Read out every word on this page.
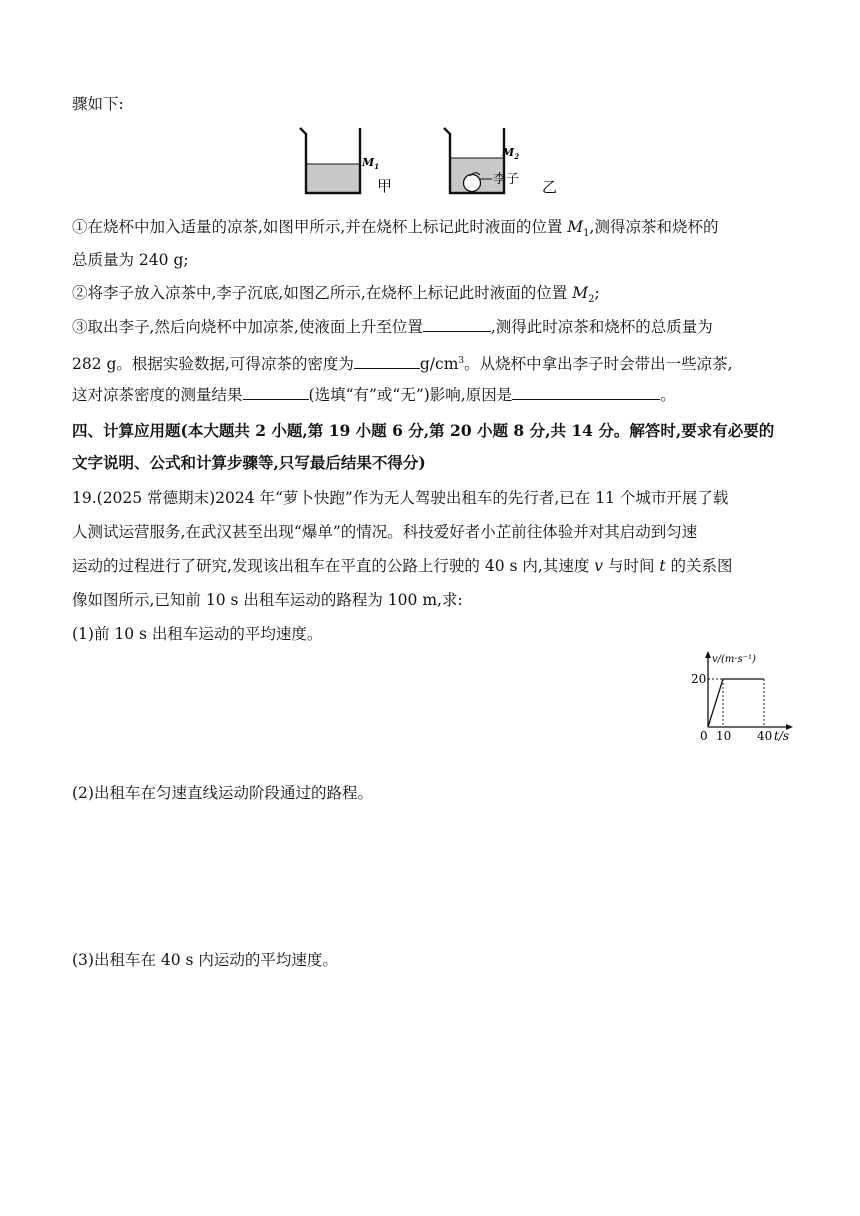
骤如下:
$M_1$
甲
$M_2$
李子 乙
①在烧杯中加入适量的凉茶,如图甲所示,并在烧杯上标记此时液面的位置 $M_1$,测得凉茶和烧杯的
总质量为 240 g;
②将李子放入凉茶中,李子沉底,如图乙所示,在烧杯上标记此时液面的位置 $M_2$;
③取出李子,然后向烧杯中加凉茶,使液面上升至位置	,测得此时凉茶和烧杯的总质量为
282 g。根据实验数据,可得凉茶的密度为	$g/cm^3$。从烧杯中拿出李子时会带出一些凉茶,
这对凉茶密度的测量结果	(选填“有”或“无”)影响,原因是	。
四、计算应用题(本大题共 2 小题,第 19 小题 6 分,第 20 小题 8 分,共 14 分。解答时,要求有必要的
文字说明、公式和计算步骤等,只写最后结果不得分)
19.(2025 常德期末)2024 年“萝卜快跑”作为无人驾驶出租车的先行者,已在 11 个城市开展了载
人测试运营服务,在武汉甚至出现“爆单”的情况。科技爱好者小芷前往体验并对其启动到匀速
运动的过程进行了研究,发现该出租车在平直的公路上行驶的 40 s 内,其速度 v 与时间 t 的关系图
像如图所示,已知前 10 s 出租车运动的路程为 100 m,求:
(1)前 10 s 出租车运动的平均速度。
v/(m·s⁻¹)
20
0 10 40 t/s
(2)出租车在匀速直线运动阶段通过的路程。
(3)出租车在 40 s 内运动的平均速度。
